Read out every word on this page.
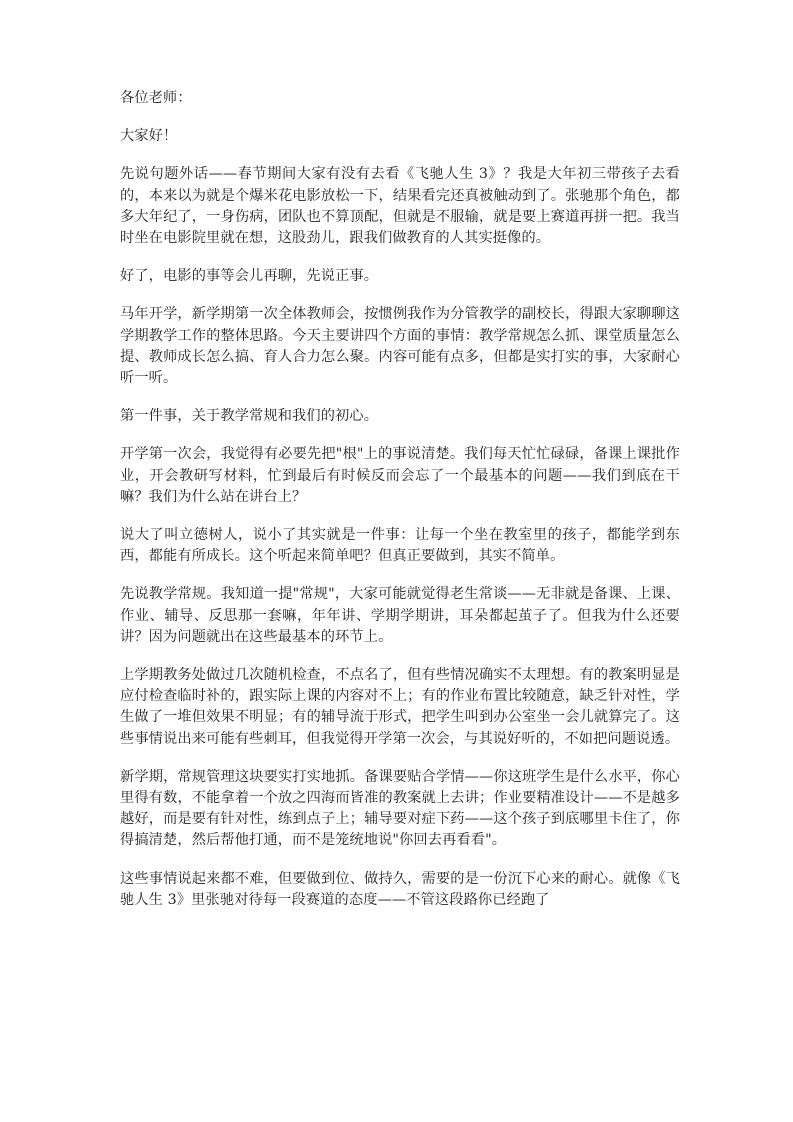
各位老师：

大家好！

先说句题外话——春节期间大家有没有去看《飞驰人生 3》？我是大年初三带孩子去看的，本来以为就是个爆米花电影放松一下，结果看完还真被触动到了。张驰那个角色，都多大年纪了，一身伤病，团队也不算顶配，但就是不服输，就是要上赛道再拼一把。我当时坐在电影院里就在想，这股劲儿，跟我们做教育的人其实挺像的。

好了，电影的事等会儿再聊，先说正事。

马年开学，新学期第一次全体教师会，按惯例我作为分管教学的副校长，得跟大家聊聊这学期教学工作的整体思路。今天主要讲四个方面的事情：教学常规怎么抓、课堂质量怎么提、教师成长怎么搞、育人合力怎么聚。内容可能有点多，但都是实打实的事，大家耐心听一听。

第一件事，关于教学常规和我们的初心。

开学第一次会，我觉得有必要先把"根"上的事说清楚。我们每天忙忙碌碌，备课上课批作业，开会教研写材料，忙到最后有时候反而会忘了一个最基本的问题——我们到底在干嘛？我们为什么站在讲台上？

说大了叫立德树人，说小了其实就是一件事：让每一个坐在教室里的孩子，都能学到东西，都能有所成长。这个听起来简单吧？但真正要做到，其实不简单。

先说教学常规。我知道一提"常规"，大家可能就觉得老生常谈——无非就是备课、上课、作业、辅导、反思那一套嘛，年年讲、学期学期讲，耳朵都起茧子了。但我为什么还要讲？因为问题就出在这些最基本的环节上。

上学期教务处做过几次随机检查，不点名了，但有些情况确实不太理想。有的教案明显是应付检查临时补的，跟实际上课的内容对不上；有的作业布置比较随意，缺乏针对性，学生做了一堆但效果不明显；有的辅导流于形式，把学生叫到办公室坐一会儿就算完了。这些事情说出来可能有些刺耳，但我觉得开学第一次会，与其说好听的，不如把问题说透。

新学期，常规管理这块要实打实地抓。备课要贴合学情——你这班学生是什么水平，你心里得有数，不能拿着一个放之四海而皆准的教案就上去讲；作业要精准设计——不是越多越好，而是要有针对性，练到点子上；辅导要对症下药——这个孩子到底哪里卡住了，你得搞清楚，然后帮他打通，而不是笼统地说"你回去再看看"。

这些事情说起来都不难，但要做到位、做持久，需要的是一份沉下心来的耐心。就像《飞驰人生 3》里张驰对待每一段赛道的态度——不管这段路你已经跑了
